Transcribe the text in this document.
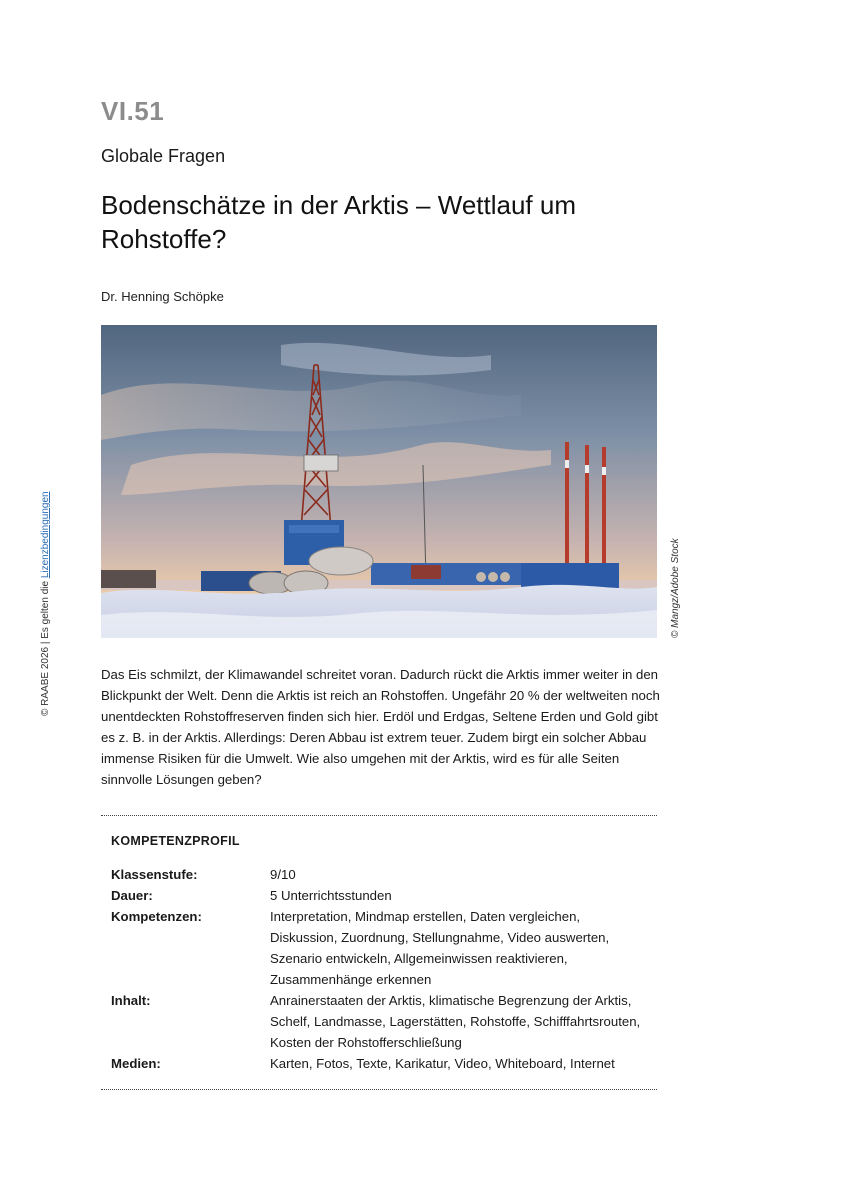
© RAABE 2026 | Es gelten die Lizenzbedingungen
VI.51
Globale Fragen
Bodenschätze in der Arktis – Wettlauf um Rohstoffe?
Dr. Henning Schöpke
© Mangz/Adobe Stock

Das Eis schmilzt, der Klimawandel schreitet voran. Dadurch rückt die Arktis immer weiter in den Blickpunkt der Welt. Denn die Arktis ist reich an Rohstoffen. Ungefähr 20 % der weltweiten noch unentdeckten Rohstoffreserven finden sich hier. Erdöl und Erdgas, Seltene Erden und Gold gibt es z. B. in der Arktis. Allerdings: Deren Abbau ist extrem teuer. Zudem birgt ein solcher Abbau immense Risiken für die Umwelt. Wie also umgehen mit der Arktis, wird es für alle Seiten sinnvolle Lösungen geben?

KOMPETENZPROFIL
Klassenstufe:	9/10
Dauer:	5 Unterrichtsstunden
Kompetenzen:	Interpretation, Mindmap erstellen, Daten vergleichen, Diskussion, Zuordnung, Stellungnahme, Video auswerten, Szenario entwickeln, Allgemeinwissen reaktivieren, Zusammenhänge erkennen
Inhalt:	Anrainerstaaten der Arktis, klimatische Begrenzung der Arktis, Schelf, Landmasse, Lagerstätten, Rohstoffe, Schifffahrtsrouten, Kosten der Rohstofferschließung
Medien:	Karten, Fotos, Texte, Karikatur, Video, Whiteboard, Internet
